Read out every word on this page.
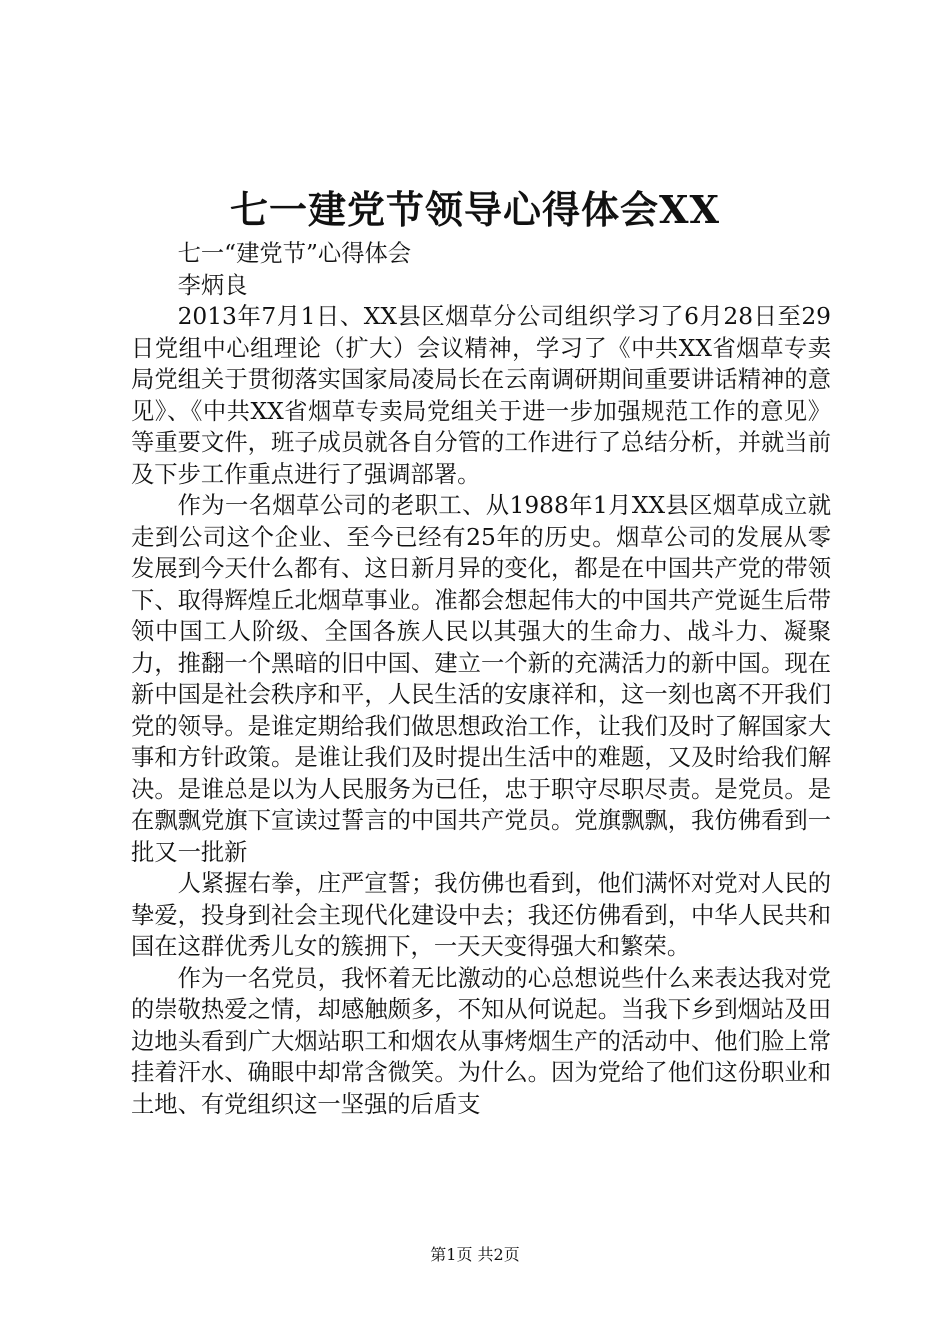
七一建党节领导心得体会XX

七一“建党节”心得体会

李炳良

2013年7月1日、XX县区烟草分公司组织学习了6月28日至29日党组中心组理论（扩大）会议精神，学习了《中共XX省烟草专卖局党组关于贯彻落实国家局凌局长在云南调研期间重要讲话精神的意见》、《中共XX省烟草专卖局党组关于进一步加强规范工作的意见》等重要文件，班子成员就各自分管的工作进行了总结分析，并就当前及下步工作重点进行了强调部署。

作为一名烟草公司的老职工、从1988年1月XX县区烟草成立就走到公司这个企业、至今已经有25年的历史。烟草公司的发展从零发展到今天什么都有、这日新月异的变化，都是在中国共产党的带领下、取得辉煌丘北烟草事业。准都会想起伟大的中国共产党诞生后带领中国工人阶级、全国各族人民以其强大的生命力、战斗力、凝聚力，推翻一个黑暗的旧中国、建立一个新的充满活力的新中国。现在新中国是社会秩序和平，人民生活的安康祥和，这一刻也离不开我们党的领导。是谁定期给我们做思想政治工作，让我们及时了解国家大事和方针政策。是谁让我们及时提出生活中的难题，又及时给我们解决。是谁总是以为人民服务为已任，忠于职守尽职尽责。是党员。是在飘飘党旗下宣读过誓言的中国共产党员。党旗飘飘，我仿佛看到一批又一批新

人紧握右拳，庄严宣誓；我仿佛也看到，他们满怀对党对人民的挚爱，投身到社会主现代化建设中去；我还仿佛看到，中华人民共和国在这群优秀儿女的簇拥下，一天天变得强大和繁荣。

作为一名党员，我怀着无比激动的心总想说些什么来表达我对党的崇敬热爱之情，却感触颇多，不知从何说起。当我下乡到烟站及田边地头看到广大烟站职工和烟农从事烤烟生产的活动中、他们脸上常挂着汗水、确眼中却常含微笑。为什么。因为党给了他们这份职业和土地、有党组织这一坚强的后盾支

第1页 共2页
